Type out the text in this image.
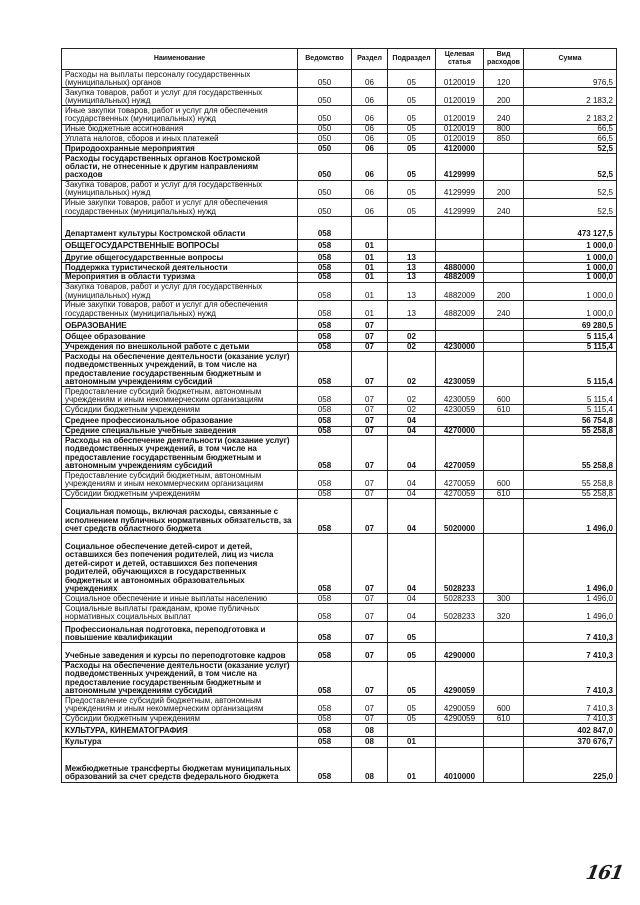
Наименование	Ведомство	Раздел	Подраздел	Целевая статья	Вид расходов	Сумма
Расходы на выплаты персоналу государственных (муниципальных) органов	050	06	05	0120019	120	976,5
Закупка товаров, работ и услуг для государственных (муниципальных) нужд	050	06	05	0120019	200	2 183,2
Иные закупки товаров, работ и услуг для обеспечения государственных (муниципальных) нужд	050	06	05	0120019	240	2 183,2
Иные бюджетные ассигнования	050	06	05	0120019	800	66,5
Уплата налогов, сборов и иных платежей	050	06	05	0120019	850	66,5
Природоохранные мероприятия	050	06	05	4120000		52,5
Расходы государственных органов Костромской области, не отнесенные к другим направлениям расходов	050	06	05	4129999		52,5
Закупка товаров, работ и услуг для государственных (муниципальных) нужд	050	06	05	4129999	200	52,5
Иные закупки товаров, работ и услуг для обеспечения государственных (муниципальных) нужд	050	06	05	4129999	240	52,5
Департамент культуры Костромской области	058					473 127,5
ОБЩЕГОСУДАРСТВЕННЫЕ ВОПРОСЫ	058	01				1 000,0
Другие общегосударственные вопросы	058	01	13			1 000,0
Поддержка туристической деятельности	058	01	13	4880000		1 000,0
Мероприятия в области туризма	058	01	13	4882009		1 000,0
Закупка товаров, работ и услуг для государственных (муниципальных) нужд	058	01	13	4882009	200	1 000,0
Иные закупки товаров, работ и услуг для обеспечения государственных (муниципальных) нужд	058	01	13	4882009	240	1 000,0
ОБРАЗОВАНИЕ	058	07				69 280,5
Общее образование	058	07	02			5 115,4
Учреждения по внешкольной работе с детьми	058	07	02	4230000		5 115,4
Расходы на обеспечение деятельности (оказание услуг) подведомственных учреждений, в том числе на предоставление государственным бюджетным и автономным учреждениям субсидий	058	07	02	4230059		5 115,4
Предоставление субсидий бюджетным, автономным учреждениям и иным некоммерческим организациям	058	07	02	4230059	600	5 115,4
Субсидии бюджетным учреждениям	058	07	02	4230059	610	5 115,4
Среднее профессиональное образование	058	07	04			56 754,8
Средние специальные учебные заведения	058	07	04	4270000		55 258,8
Расходы на обеспечение деятельности (оказание услуг) подведомственных учреждений, в том числе на предоставление государственным бюджетным и автономным учреждениям субсидий	058	07	04	4270059		55 258,8
Предоставление субсидий бюджетным, автономным учреждениям и иным некоммерческим организациям	058	07	04	4270059	600	55 258,8
Субсидии бюджетным учреждениям	058	07	04	4270059	610	55 258,8
Социальная помощь, включая расходы, связанные с исполнением публичных нормативных обязательств, за счет средств областного бюджета	058	07	04	5020000		1 496,0
Социальное обеспечение детей-сирот и детей, оставшихся без попечения родителей, лиц из числа детей-сирот и детей, оставшихся без попечения родителей, обучающихся в государственных бюджетных и автономных образовательных учреждениях	058	07	04	5028233		1 496,0
Социальное обеспечение и иные выплаты населению	058	07	04	5028233	300	1 496,0
Социальные выплаты гражданам, кроме публичных нормативных социальных выплат	058	07	04	5028233	320	1 496,0
Профессиональная подготовка, переподготовка и повышение квалификации	058	07	05			7 410,3
Учебные заведения и курсы по переподготовке кадров	058	07	05	4290000		7 410,3
Расходы на обеспечение деятельности (оказание услуг) подведомственных учреждений, в том числе на предоставление государственным бюджетным и автономным учреждениям субсидий	058	07	05	4290059		7 410,3
Предоставление субсидий бюджетным, автономным учреждениям и иным некоммерческим организациям	058	07	05	4290059	600	7 410,3
Субсидии бюджетным учреждениям	058	07	05	4290059	610	7 410,3
КУЛЬТУРА, КИНЕМАТОГРАФИЯ	058	08				402 847,0
Культура	058	08	01			370 676,7
Межбюджетные трансферты бюджетам муниципальных образований за счет средств федерального бюджета	058	08	01	4010000		225,0
161
